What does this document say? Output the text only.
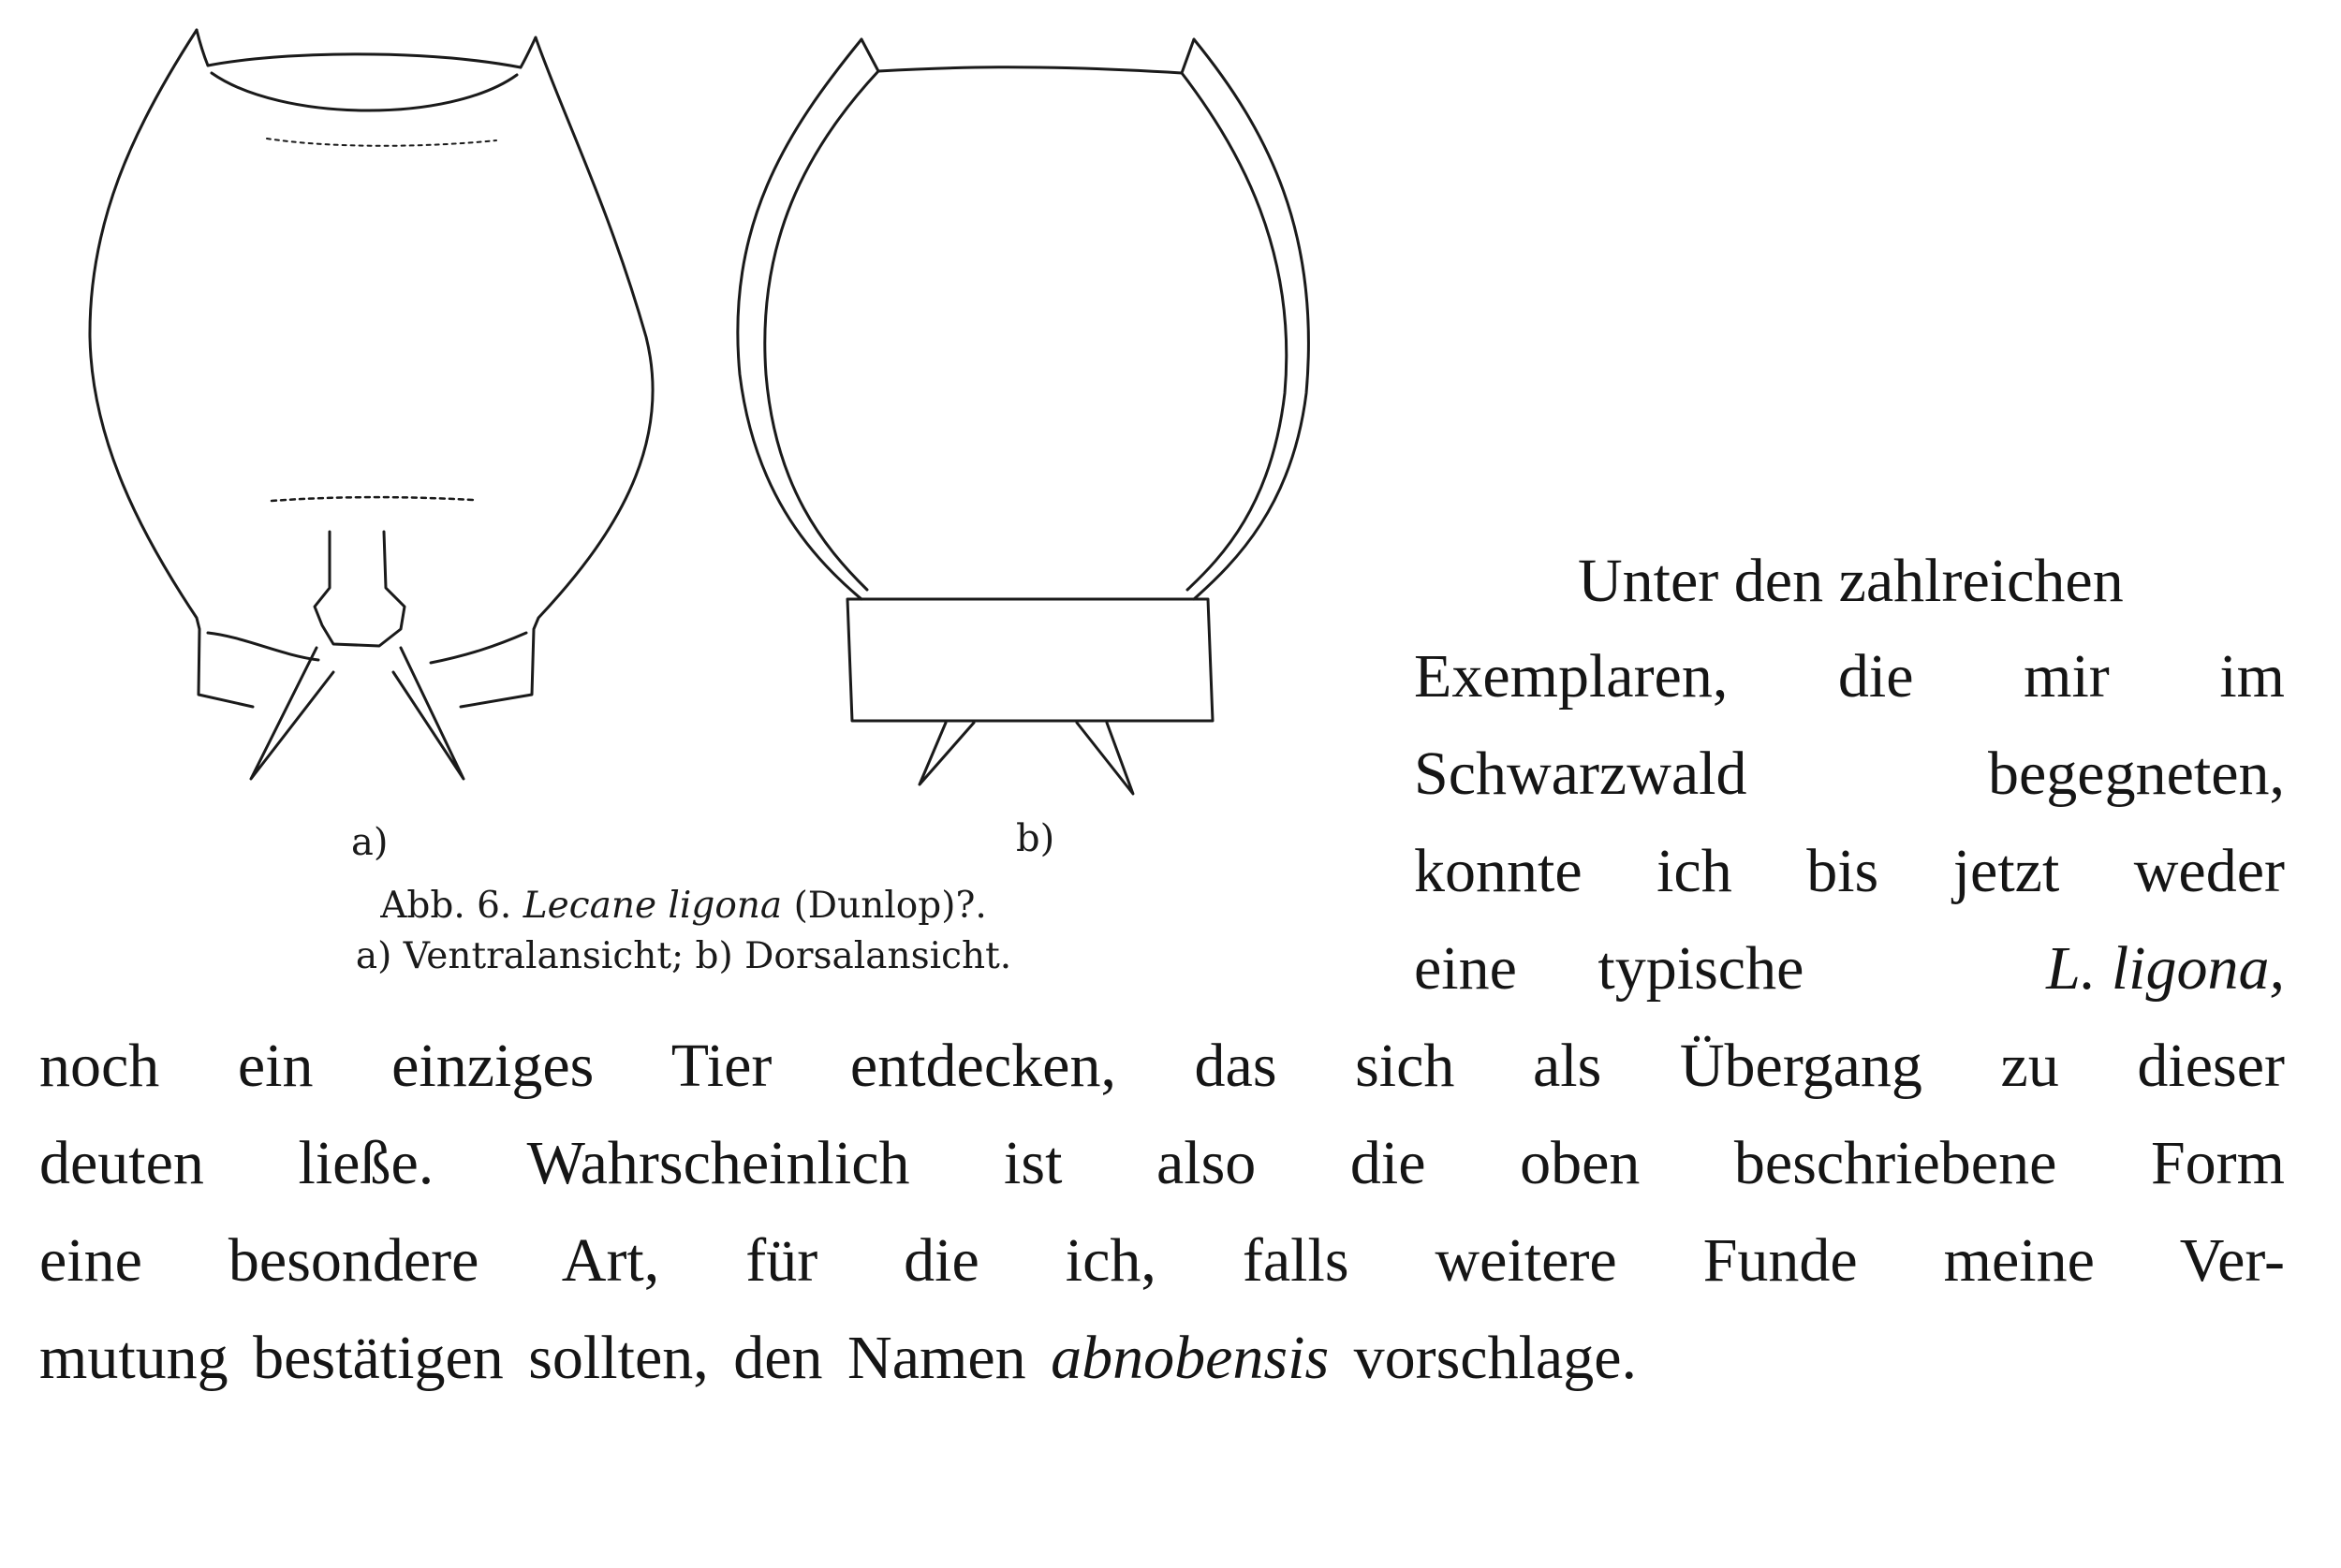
a)	b)
Abb. 6. Lecane ligona (Dunlop)?.
a) Ventralansicht; b) Dorsalansicht.
Unter den zahlreichen
Exemplaren, die mir im
Schwarzwald begegneten,
konnte ich bis jetzt weder
eine typische	L. ligona,
noch ein einziges Tier entdecken, das sich als Übergang zu dieser
deuten ließe. Wahrscheinlich ist also die oben beschriebene Form
eine besondere Art, für die ich, falls weitere Funde meine Ver-
mutung bestätigen sollten, den Namen abnobensis vorschlage.
